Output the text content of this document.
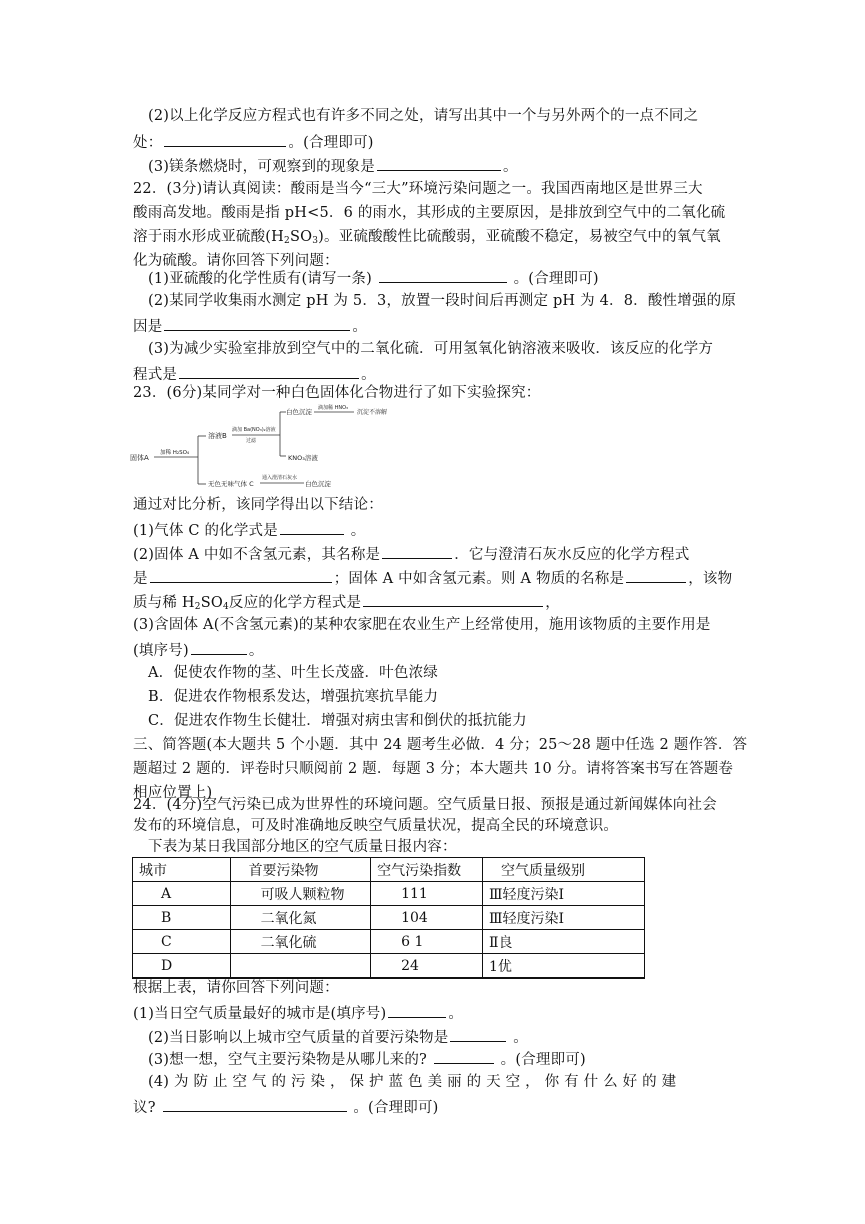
(2)以上化学反应方程式也有许多不同之处，请写出其中一个与另外两个的一点不同之
处：	。(合理即可)
(3)镁条燃烧时，可观察到的现象是	。
22．(3分)请认真阅读：酸雨是当今“三大”环境污染问题之一。我国西南地区是世界三大
酸雨高发地。酸雨是指 pH<5．6 的雨水，其形成的主要原因，是排放到空气中的二氧化硫
溶于雨水形成亚硫酸$(H_2SO_3)$。亚硫酸酸性比硫酸弱，亚硫酸不稳定，易被空气中的氧气氧
化为硫酸。请你回答下列问题：
(1)亚硫酸的化学性质有(请写一条)	。(合理即可)
(2)某同学收集雨水测定 pH 为 5．3，放置一段时间后再测定 pH 为 4．8．酸性增强的原
因是	。
(3)为减少实验室排放到空气中的二氧化硫．可用氢氧化钠溶液来吸收．该反应的化学方
程式是	。
23．(6分)某同学对一种白色固体化合物进行了如下实验探究：
固体A
加稀 H₂SO₄
溶液B
滴加 Ba(NO₃)₂溶液
过滤
白色沉淀 滴加稀 HNO₃
沉淀不溶解
KNO₃溶液
无色无味气体 C
通入澄清石灰水
白色沉淀
通过对比分析，该同学得出以下结论：
(1)气体 C 的化学式是	。
(2)固体 A 中如不含氢元素，其名称是	．它与澄清石灰水反应的化学方程式
是	；固体 A 中如含氢元素。则 A 物质的名称是	，该物
质与稀 $H_2SO_4$反应的化学方程式是	，
(3)含固体 A(不含氢元素)的某种农家肥在农业生产上经常使用，施用该物质的主要作用是
(填序号)	。
A．促使农作物的茎、叶生长茂盛．叶色浓绿
B．促进农作物根系发达，增强抗寒抗旱能力
C．促进农作物生长健壮．增强对病虫害和倒伏的抵抗能力
三、简答题(本大题共 5 个小题．其中 24 题考生必做．4 分；25～28 题中任选 2 题作答．答
题超过 2 题的．评卷时只顺阅前 2 题．每题 3 分；本大题共 10 分。请将答案书写在答题卷
相应位置上)
24．(4分)空气污染已成为世界性的环境问题。空气质量日报、预报是通过新闻媒体向社会
发布的环境信息，可及时准确地反映空气质量状况，提高全民的环境意识。
下表为某日我国部分地区的空气质量日报内容：
城市	首要污染物	空气污染指数	空气质量级别
A	可吸人颗粒物	111	Ⅲ轻度污染Ⅰ
B	二氧化氮	104	Ⅲ轻度污染Ⅰ
C	二氧化硫	6 1	Ⅱ良
D		24	1优
根据上表，请你回答下列问题：
(1)当日空气质量最好的城市是(填序号)	。
(2)当日影响以上城市空气质量的首要污染物是	。
(3)想一想，空气主要污染物是从哪儿来的?	。(合理即可)
(4) 为 防 止 空 气 的 污 染 ， 保 护 蓝 色 美 丽 的 天 空 ， 你 有 什 么 好 的 建
议?	。(合理即可)
